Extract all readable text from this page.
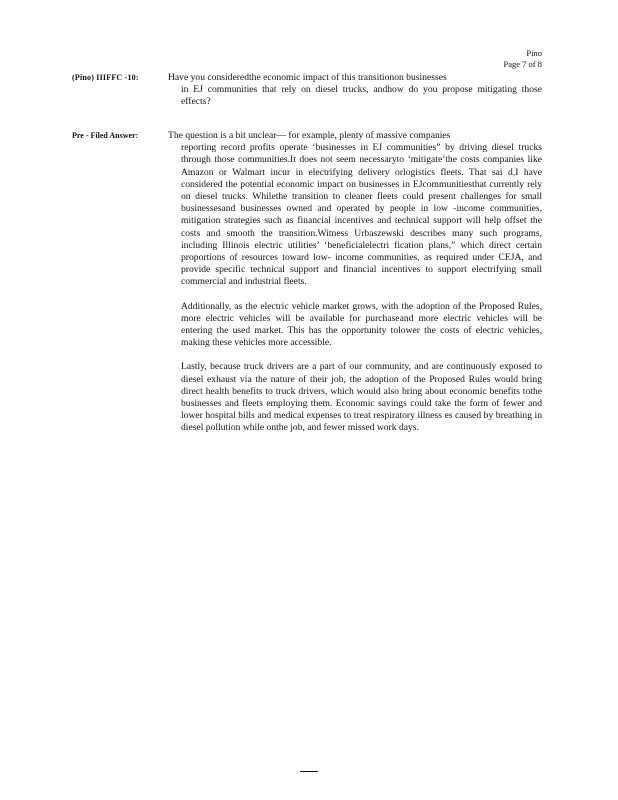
Pino
Page 7 of 8
(Pino) IIIFFC -10:	Have you consideredthe economic impact of this transitionon businesses
in EJ communities that rely on diesel trucks, andhow do you propose mitigating those effects?
Pre - Filed Answer:	The question is a bit unclear— for example, plenty of massive companies
reporting record profits operate ‘businesses in EJ communities” by driving diesel trucks through those communities.It does not seem necessaryto ‘mitigate’the costs companies like Amazon or Walmart incur in electrifying delivery orlogistics fleets. That sai d,I have considered the potential economic impact on businesses in EJcommunitiesthat currently rely on diesel trucks. Whilethe transition to cleaner fleets could present challenges for small businessesand businesses owned and operated by people in low -income communities, mitigation strategies such as financial incentives and technical support will help offset the costs and smooth the transition.Witness Urbaszewski describes many such programs, including Illinois electric utilities’ ‘beneficialelectri fication plans,” which direct certain proportions of resources toward low- income communities, as required under CEJA, and provide specific technical support and financial incentives to support electrifying small commercial and industrial fleets.

Additionally, as the electric vehicle market grows, with the adoption of the Proposed Rules, more electric vehicles will be available for purchaseand more electric vehicles will be entering the used market. This has the opportunity tolower the costs of electric vehicles, making these vehicles more accessible.

Lastly, because truck drivers are a part of our community, and are continuously exposed to diesel exhaust via the nature of their job, the adoption of the Proposed Rules would bring direct health benefits to truck drivers, which would also bring about economic benefits tothe businesses and fleets employing them. Economic savings could take the form of fewer and lower hospital bills and medical expenses to treat respiratory illness es caused by breathing in diesel pollution while onthe job, and fewer missed work days.
